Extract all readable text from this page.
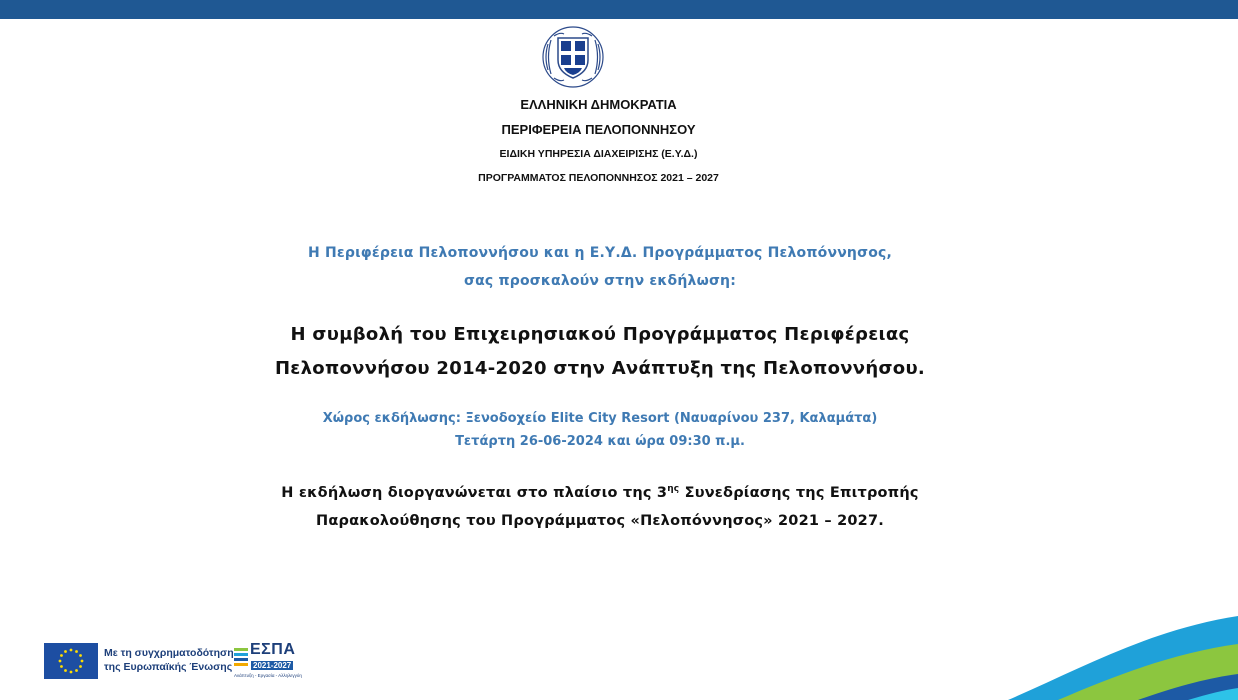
ΕΛΛΗΝΙΚΗ ΔΗΜΟΚΡΑΤΙΑ
ΠΕΡΙΦΕΡΕΙΑ ΠΕΛΟΠΟΝΝΗΣΟΥ
ΕΙΔΙΚΗ ΥΠΗΡΕΣΙΑ ΔΙΑΧΕΙΡΙΣΗΣ (Ε.Υ.Δ.)
ΠΡΟΓΡΑΜΜΑΤΟΣ ΠΕΛΟΠΟΝΝΗΣΟΣ 2021 – 2027
Η Περιφέρεια Πελοποννήσου και η Ε.Υ.Δ. Προγράμματος Πελοπόννησος,
σας προσκαλούν στην εκδήλωση:
Η συμβολή του Επιχειρησιακού Προγράμματος Περιφέρειας
Πελοποννήσου 2014-2020 στην Ανάπτυξη της Πελοποννήσου.
Χώρος εκδήλωσης: Ξενοδοχείο Elite City Resort (Ναυαρίνου 237, Καλαμάτα)
Τετάρτη 26-06-2024 και ώρα 09:30 π.μ.
Η εκδήλωση διοργανώνεται στο πλαίσιο της $3^{\eta\varsigma}$ Συνεδρίασης της Επιτροπής
Παρακολούθησης του Προγράμματος «Πελοπόννησος» 2021 – 2027.
Με τη συγχρηματοδότηση
της Ευρωπαϊκής Ένωσης
ΕΣΠΑ
2021-2027
Ανάπτυξη - Εργασία - Αλληλεγγύη
